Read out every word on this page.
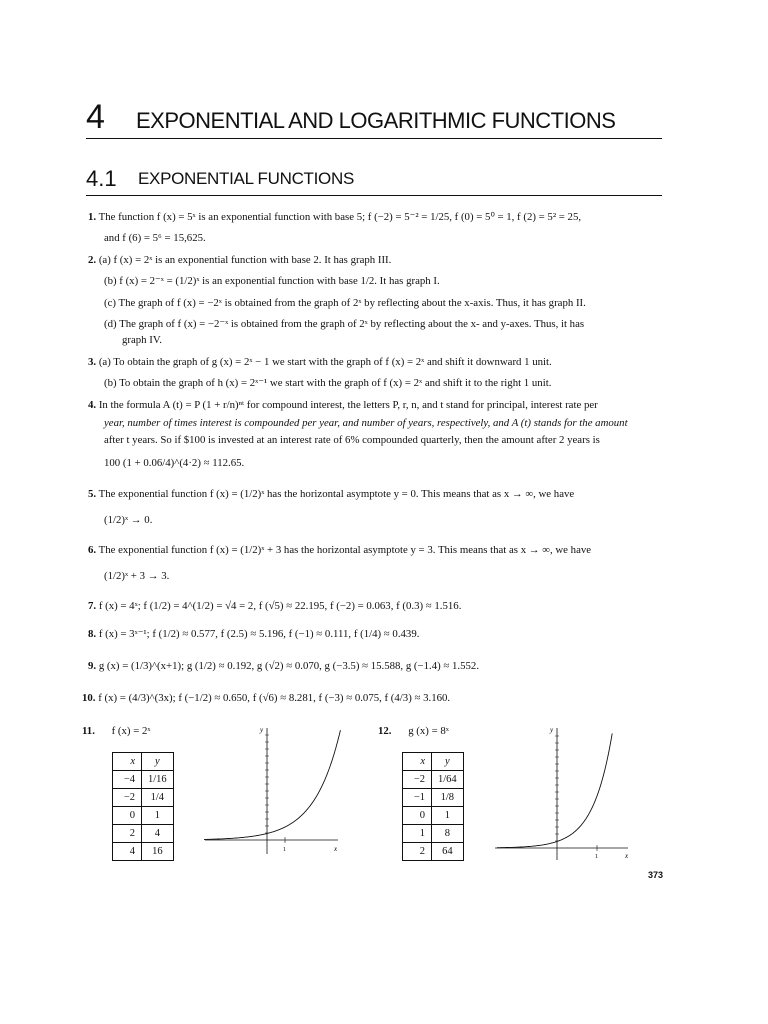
4 EXPONENTIAL AND LOGARITHMIC FUNCTIONS
4.1 EXPONENTIAL FUNCTIONS
1. The function f (x) = 5ˣ is an exponential function with base 5; f (−2) = 5⁻² = 1/25, f (0) = 5⁰ = 1, f (2) = 5² = 25,
and f (6) = 5⁶ = 15,625.
2. (a) f (x) = 2ˣ is an exponential function with base 2. It has graph III.
(b) f (x) = 2⁻ˣ = (1/2)ˣ is an exponential function with base 1/2. It has graph I.
(c) The graph of f (x) = −2ˣ is obtained from the graph of 2ˣ by reflecting about the x-axis. Thus, it has graph II.
(d) The graph of f (x) = −2⁻ˣ is obtained from the graph of 2ˣ by reflecting about the x- and y-axes. Thus, it has
graph IV.
3. (a) To obtain the graph of g (x) = 2ˣ − 1 we start with the graph of f (x) = 2ˣ and shift it downward 1 unit.
(b) To obtain the graph of h (x) = 2ˣ⁻¹ we start with the graph of f (x) = 2ˣ and shift it to the right 1 unit.
4. In the formula A (t) = P (1 + r/n)ⁿᵗ for compound interest, the letters P, r, n, and t stand for principal, interest rate per
year, number of times interest is compounded per year, and number of years, respectively, and A (t) stands for the amount
after t years. So if $100 is invested at an interest rate of 6% compounded quarterly, then the amount after 2 years is
100 (1 + 0.06/4)^(4·2) ≈ 112.65.
5. The exponential function f (x) = (1/2)ˣ has the horizontal asymptote y = 0. This means that as x → ∞, we have
(1/2)ˣ → 0.
6. The exponential function f (x) = (1/2)ˣ + 3 has the horizontal asymptote y = 3. This means that as x → ∞, we have
(1/2)ˣ + 3 → 3.
7. f (x) = 4ˣ; f (1/2) = 4^(1/2) = √4 = 2, f (√5) ≈ 22.195, f (−2) = 0.063, f (0.3) ≈ 1.516.
8. f (x) = 3ˣ⁻¹; f (1/2) ≈ 0.577, f (2.5) ≈ 5.196, f (−1) ≈ 0.111, f (1/4) ≈ 0.439.
9. g (x) = (1/3)^(x+1); g (1/2) ≈ 0.192, g (√2) ≈ 0.070, g (−3.5) ≈ 15.588, g (−1.4) ≈ 1.552.
10. f (x) = (4/3)^(3x); f (−1/2) ≈ 0.650, f (√6) ≈ 8.281, f (−3) ≈ 0.075, f (4/3) ≈ 3.160.
11. f (x) = 2ˣ
x	y
−4	1/16
−2	1/4
0	1
2	4
4	16	x
y
1
12. g (x) = 8ˣ
x	y
−2	1/64
−1	1/8
0	1
1	8
2	64	x
y
1
373
